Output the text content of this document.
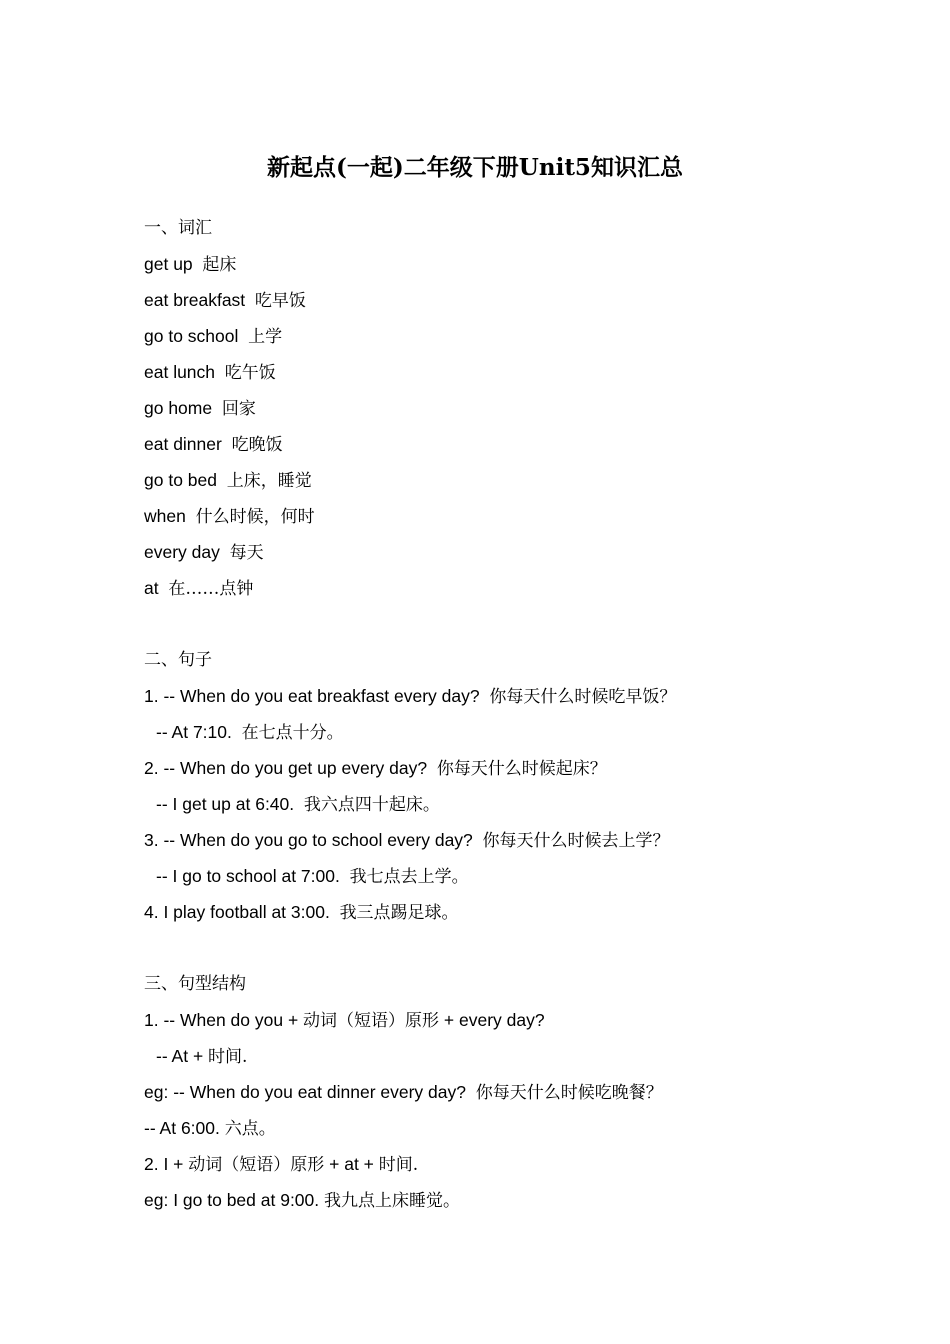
新起点(一起)二年级下册Unit5知识汇总
一、词汇
get up 起床
eat breakfast 吃早饭
go to school 上学
eat lunch 吃午饭
go home 回家
eat dinner 吃晚饭
go to bed 上床，睡觉
when 什么时候，何时
every day 每天
at 在……点钟
二、句子
1. -- When do you eat breakfast every day? 你每天什么时候吃早饭？
-- At 7:10. 在七点十分。
2. -- When do you get up every day? 你每天什么时候起床？
-- I get up at 6:40. 我六点四十起床。
3. -- When do you go to school every day? 你每天什么时候去上学？
-- I go to school at 7:00. 我七点去上学。
4. I play football at 3:00. 我三点踢足球。
三、句型结构
1. -- When do you + 动词（短语）原形 + every day?
-- At + 时间.
eg: -- When do you eat dinner every day? 你每天什么时候吃晚餐？
-- At 6:00. 六点。
2. I + 动词（短语）原形 + at + 时间.
eg: I go to bed at 9:00. 我九点上床睡觉。
